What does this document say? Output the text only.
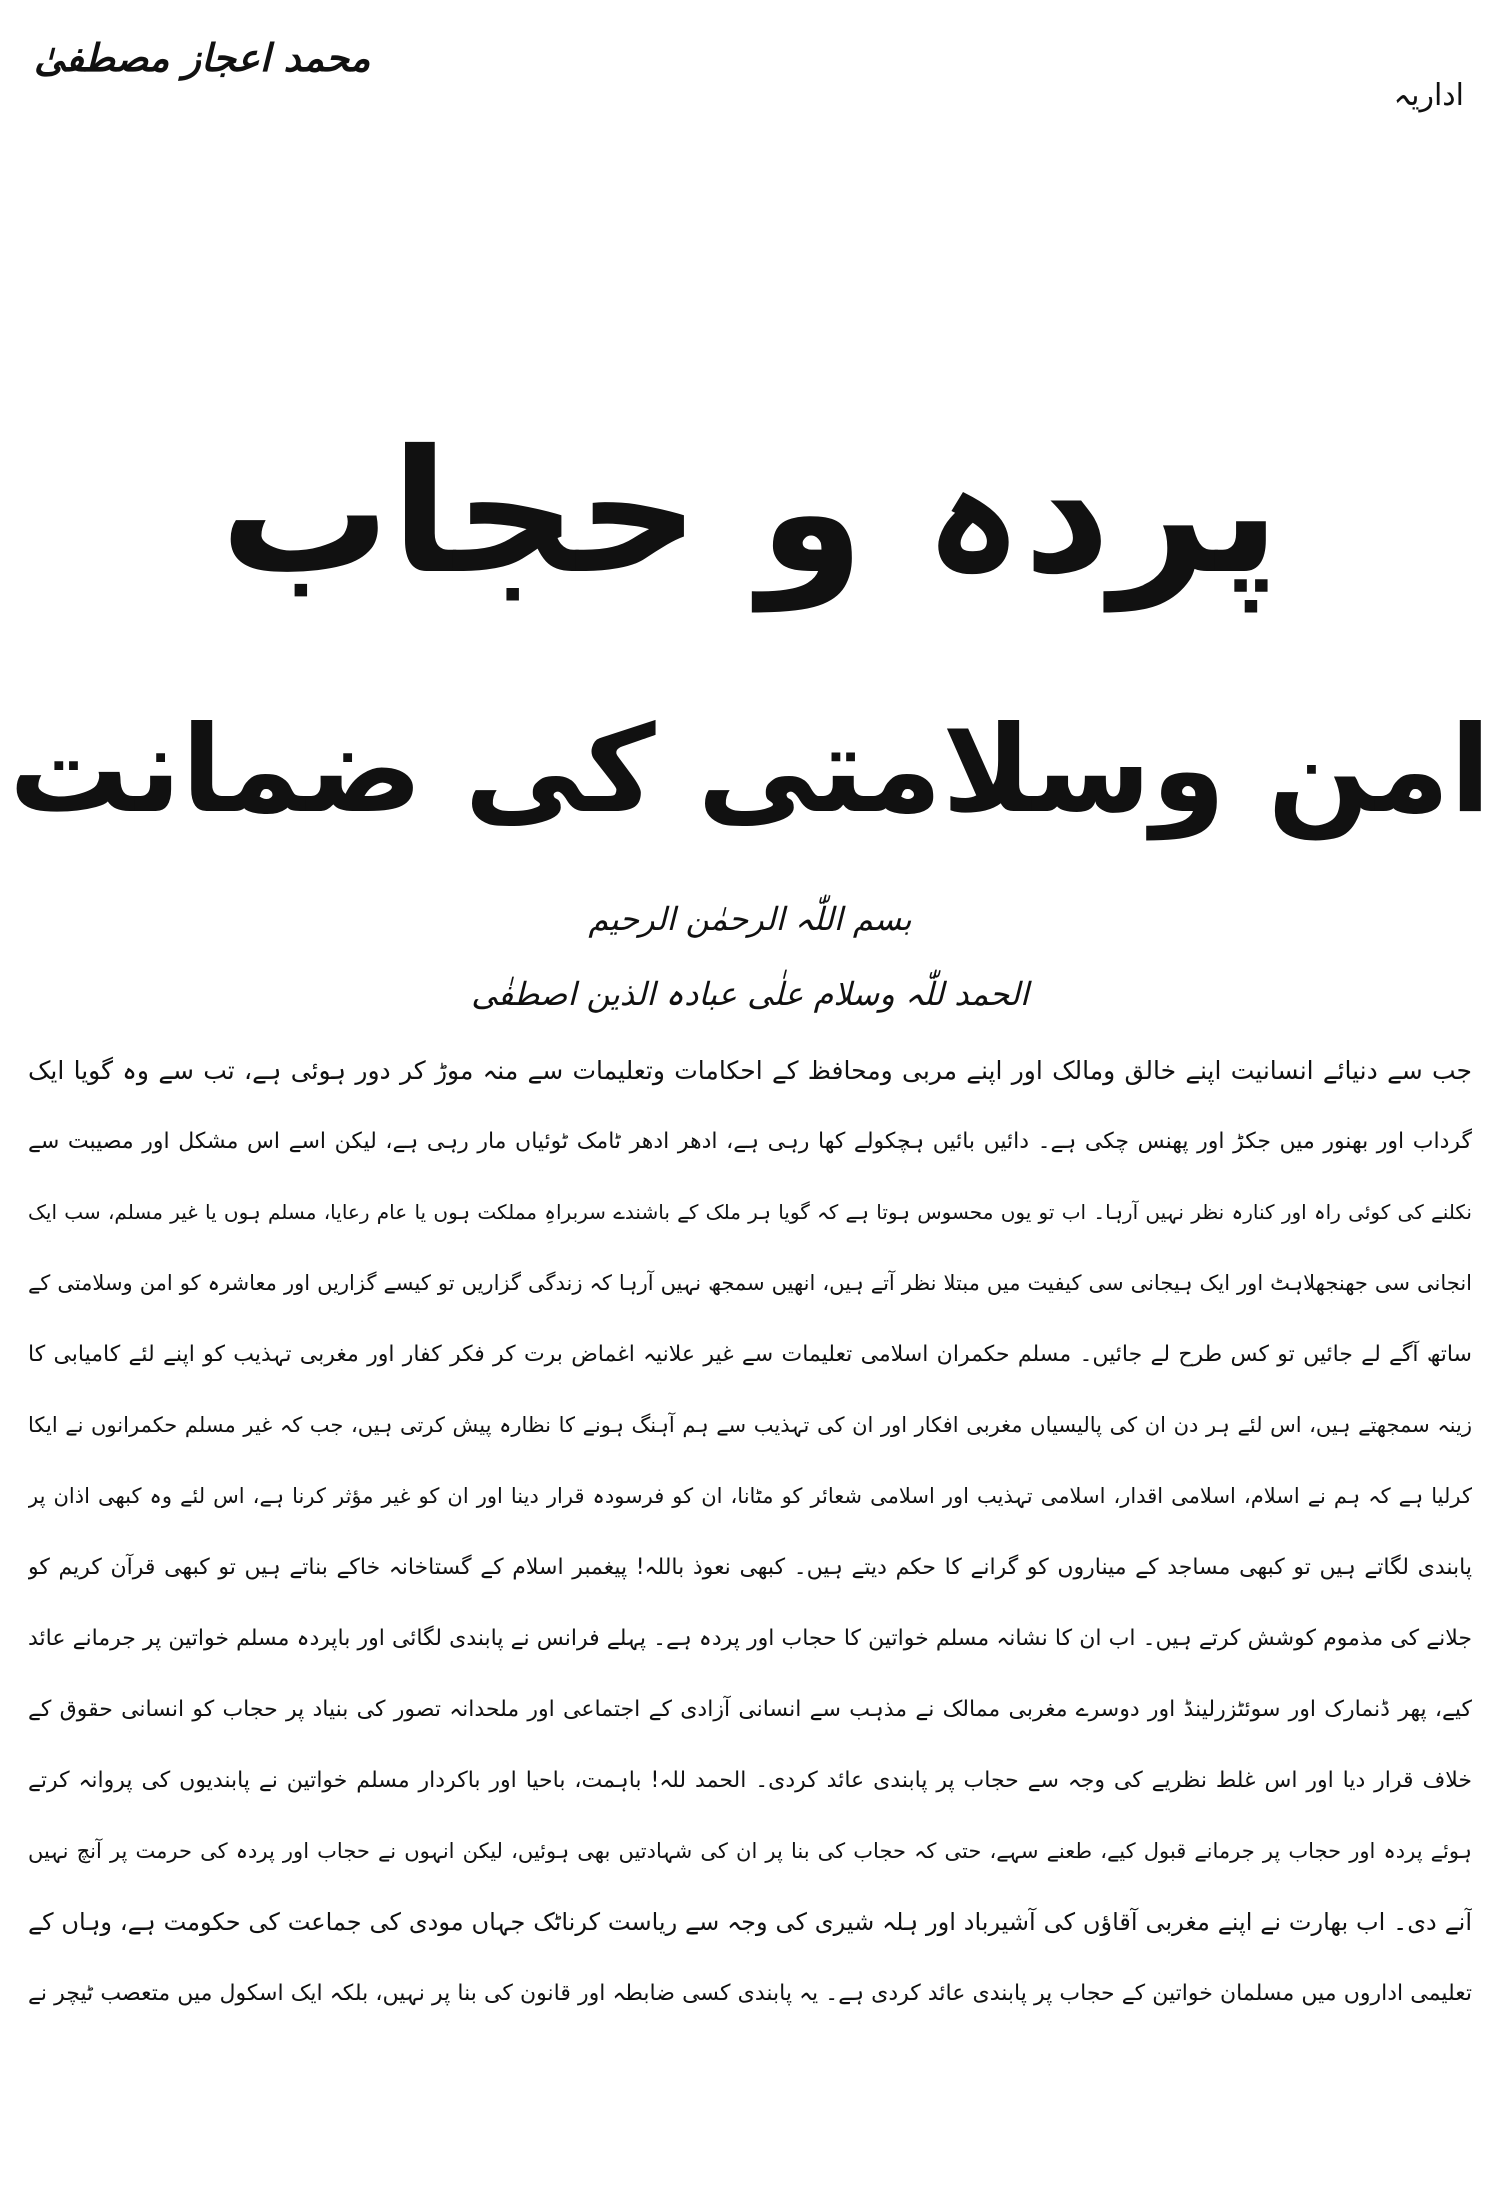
محمد اعجاز مصطفیٰ
اداریہ
پردہ و حجاب
امن وسلامتی کی ضمانت
بسم اللّٰہ الرحمٰن الرحیم
الحمد للّٰہ وسلام علٰی عبادہ الذین اصطفٰی
جب سے دنیائے انسانیت اپنے خالق ومالک اور اپنے مربی ومحافظ کے احکامات وتعلیمات سے منہ موڑ کر دور ہوئی ہے، تب سے وہ گویا ایک
گرداب اور بھنور میں جکڑ اور پھنس چکی ہے۔ دائیں بائیں ہچکولے کھا رہی ہے، ادھر ادھر ٹامک ٹوئیاں مار رہی ہے، لیکن اسے اس مشکل اور مصیبت سے
نکلنے کی کوئی راہ اور کنارہ نظر نہیں آرہا۔ اب تو یوں محسوس ہوتا ہے کہ گویا ہر ملک کے باشندے سربراہِ مملکت ہوں یا عام رعایا، مسلم ہوں یا غیر مسلم، سب ایک
انجانی سی جھنجھلاہٹ اور ایک ہیجانی سی کیفیت میں مبتلا نظر آتے ہیں، انھیں سمجھ نہیں آرہا کہ زندگی گزاریں تو کیسے گزاریں اور معاشرہ کو امن وسلامتی کے
ساتھ آگے لے جائیں تو کس طرح لے جائیں۔ مسلم حکمران اسلامی تعلیمات سے غیر علانیہ اغماض برت کر فکر کفار اور مغربی تہذیب کو اپنے لئے کامیابی کا
زینہ سمجھتے ہیں، اس لئے ہر دن ان کی پالیسیاں مغربی افکار اور ان کی تہذیب سے ہم آہنگ ہونے کا نظارہ پیش کرتی ہیں، جب کہ غیر مسلم حکمرانوں نے ایکا
کرلیا ہے کہ ہم نے اسلام، اسلامی اقدار، اسلامی تہذیب اور اسلامی شعائر کو مٹانا، ان کو فرسودہ قرار دینا اور ان کو غیر مؤثر کرنا ہے، اس لئے وہ کبھی اذان پر
پابندی لگاتے ہیں تو کبھی مساجد کے میناروں کو گرانے کا حکم دیتے ہیں۔ کبھی نعوذ باللہ! پیغمبر اسلام کے گستاخانہ خاکے بناتے ہیں تو کبھی قرآن کریم کو
جلانے کی مذموم کوشش کرتے ہیں۔ اب ان کا نشانہ مسلم خواتین کا حجاب اور پردہ ہے۔ پہلے فرانس نے پابندی لگائی اور باپردہ مسلم خواتین پر جرمانے عائد
کیے، پھر ڈنمارک اور سوئٹزرلینڈ اور دوسرے مغربی ممالک نے مذہب سے انسانی آزادی کے اجتماعی اور ملحدانہ تصور کی بنیاد پر حجاب کو انسانی حقوق کے
خلاف قرار دیا اور اس غلط نظریے کی وجہ سے حجاب پر پابندی عائد کردی۔ الحمد للہ! باہمت، باحیا اور باکردار مسلم خواتین نے پابندیوں کی پروانہ کرتے
ہوئے پردہ اور حجاب پر جرمانے قبول کیے، طعنے سہے، حتی کہ حجاب کی بنا پر ان کی شہادتیں بھی ہوئیں، لیکن انہوں نے حجاب اور پردہ کی حرمت پر آنچ نہیں
آنے دی۔ اب بھارت نے اپنے مغربی آقاؤں کی آشیرباد اور ہلہ شیری کی وجہ سے ریاست کرناٹک جہاں مودی کی جماعت کی حکومت ہے، وہاں کے
تعلیمی اداروں میں مسلمان خواتین کے حجاب پر پابندی عائد کردی ہے۔ یہ پابندی کسی ضابطہ اور قانون کی بنا پر نہیں، بلکہ ایک اسکول میں متعصب ٹیچر نے
